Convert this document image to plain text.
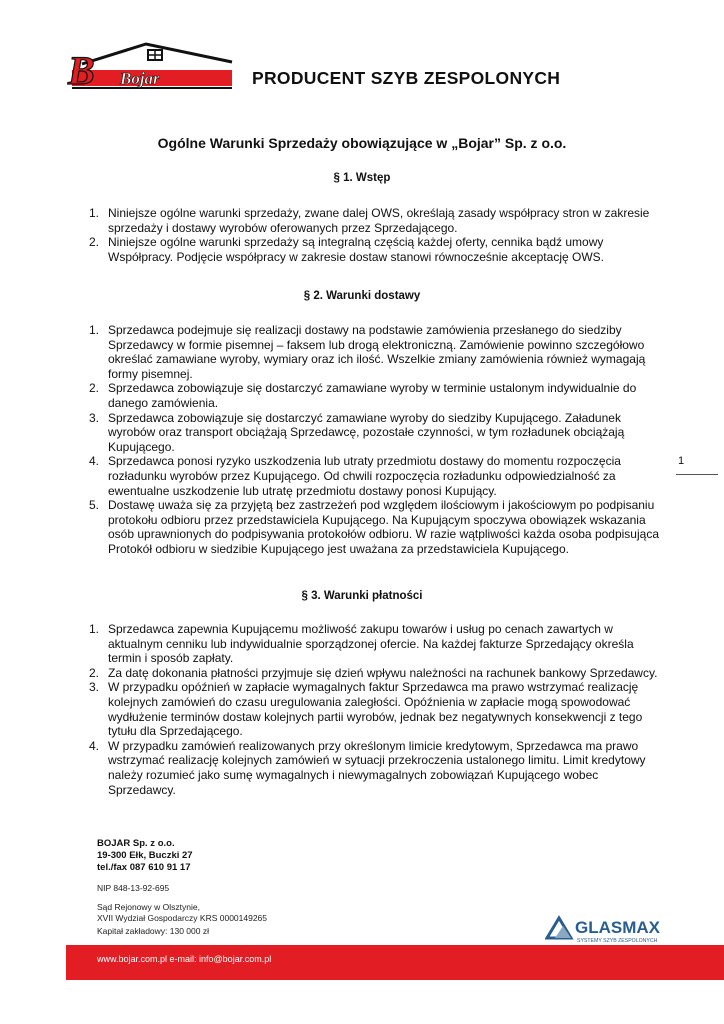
B Bojar	PRODUCENT SZYB ZESPOLONYCH
Ogólne Warunki Sprzedaży obowiązujące w „Bojar” Sp. z o.o.
§ 1. Wstęp
1. Niniejsze ogólne warunki sprzedaży, zwane dalej OWS, określają zasady współpracy stron w zakresie sprzedaży i dostawy wyrobów oferowanych przez Sprzedającego.
2. Niniejsze ogólne warunki sprzedaży są integralną częścią każdej oferty, cennika bądź umowy Współpracy. Podjęcie współpracy w zakresie dostaw stanowi równocześnie akceptację OWS.
§ 2. Warunki dostawy
1. Sprzedawca podejmuje się realizacji dostawy na podstawie zamówienia przesłanego do siedziby Sprzedawcy w formie pisemnej – faksem lub drogą elektroniczną. Zamówienie powinno szczegółowo określać zamawiane wyroby, wymiary oraz ich ilość. Wszelkie zmiany zamówienia również wymagają formy pisemnej.
2. Sprzedawca zobowiązuje się dostarczyć zamawiane wyroby w terminie ustalonym indywidualnie do danego zamówienia.
3. Sprzedawca zobowiązuje się dostarczyć zamawiane wyroby do siedziby Kupującego. Załadunek wyrobów oraz transport obciążają Sprzedawcę, pozostałe czynności, w tym rozładunek obciążają Kupującego.
4. Sprzedawca ponosi ryzyko uszkodzenia lub utraty przedmiotu dostawy do momentu rozpoczęcia rozładunku wyrobów przez Kupującego. Od chwili rozpoczęcia rozładunku odpowiedzialność za ewentualne uszkodzenie lub utratę przedmiotu dostawy ponosi Kupujący.
5. Dostawę uważa się za przyjętą bez zastrzeżeń pod względem ilościowym i jakościowym po podpisaniu protokołu odbioru przez przedstawiciela Kupującego. Na Kupującym spoczywa obowiązek wskazania osób uprawnionych do podpisywania protokołów odbioru. W razie wątpliwości każda osoba podpisująca Protokół odbioru w siedzibie Kupującego jest uważana za przedstawiciela Kupującego.
§ 3. Warunki płatności
1. Sprzedawca zapewnia Kupującemu możliwość zakupu towarów i usług po cenach zawartych w aktualnym cenniku lub indywidualnie sporządzonej ofercie. Na każdej fakturze Sprzedający określa termin i sposób zapłaty.
2. Za datę dokonania płatności przyjmuje się dzień wpływu należności na rachunek bankowy Sprzedawcy.
3. W przypadku opóźnień w zapłacie wymagalnych faktur Sprzedawca ma prawo wstrzymać realizację kolejnych zamówień do czasu uregulowania zaległości. Opóźnienia w zapłacie mogą spowodować wydłużenie terminów dostaw kolejnych partii wyrobów, jednak bez negatywnych konsekwencji z tego tytułu dla Sprzedającego.
4. W przypadku zamówień realizowanych przy określonym limicie kredytowym, Sprzedawca ma prawo wstrzymać realizację kolejnych zamówień w sytuacji przekroczenia ustalonego limitu. Limit kredytowy należy rozumieć jako sumę wymagalnych i niewymagalnych zobowiązań Kupującego wobec Sprzedawcy.
1
BOJAR Sp. z o.o.
19-300 Ełk, Buczki 27
tel./fax 087 610 91 17
NIP 848-13-92-695
Sąd Rejonowy w Olsztynie,
XVII Wydział Gospodarczy KRS 0000149265
Kapitał zakładowy: 130 000 zł	GLASMAX
SYSTEMY SZYB ZESPOLONYCH
www.bojar.com.pl e-mail: info@bojar.com.pl
